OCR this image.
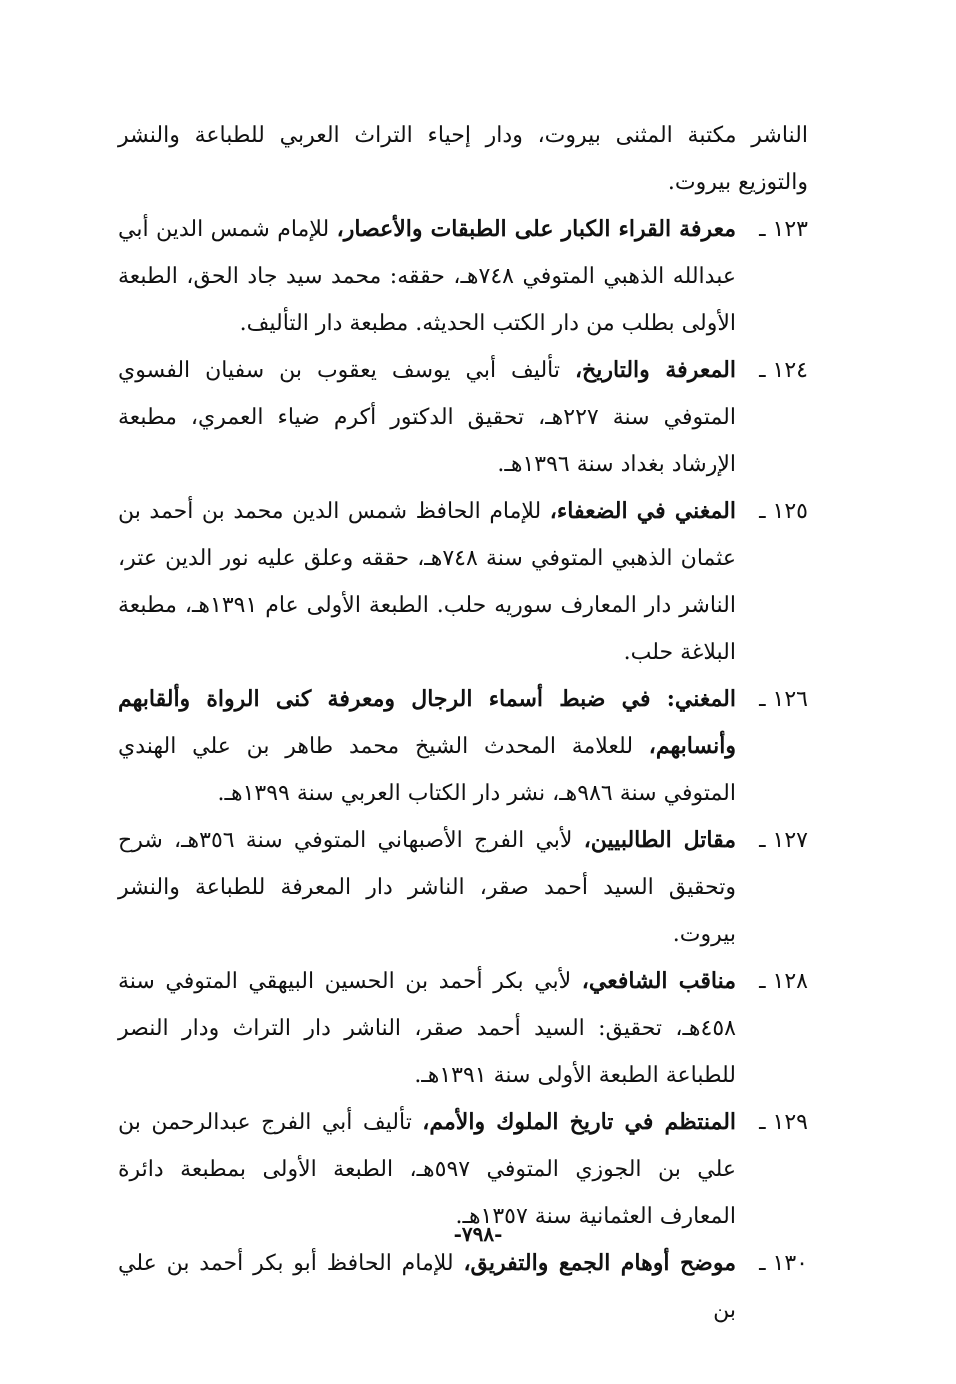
الناشر مكتبة المثنى بيروت، ودار إحياء التراث العربي للطباعة والنشر والتوزيع بيروت.

١٢٣ ـ
معرفة القراء الكبار على الطبقات والأعصار، للإمام شمس الدين أبي عبدالله الذهبي المتوفي ٧٤٨هـ، حققه: محمد سيد جاد الحق، الطبعة الأولى بطلب من دار الكتب الحديثه. مطبعة دار التأليف.

١٢٤ ـ
المعرفة والتاريخ، تأليف أبي يوسف يعقوب بن سفيان الفسوي المتوفي سنة ٢٢٧هـ، تحقيق الدكتور أكرم ضياء العمري، مطبعة الإرشاد بغداد سنة ١٣٩٦هـ.

١٢٥ ـ
المغني في الضعفاء، للإمام الحافظ شمس الدين محمد بن أحمد بن عثمان الذهبي المتوفي سنة ٧٤٨هـ، حققه وعلق عليه نور الدين عتر، الناشر دار المعارف سوريه حلب. الطبعة الأولى عام ١٣٩١هـ، مطبعة البلاغة حلب.

١٢٦ ـ
المغني: في ضبط أسماء الرجال ومعرفة كنى الرواة وألقابهم وأنسابهم، للعلامة المحدث الشيخ محمد طاهر بن علي الهندي المتوفي سنة ٩٨٦هـ، نشر دار الكتاب العربي سنة ١٣٩٩هـ.

١٢٧ ـ
مقاتل الطالبيين، لأبي الفرج الأصبهاني المتوفي سنة ٣٥٦هـ، شرح وتحقيق السيد أحمد صقر، الناشر دار المعرفة للطباعة والنشر بيروت.

١٢٨ ـ
مناقب الشافعي، لأبي بكر أحمد بن الحسين البيهقي المتوفي سنة ٤٥٨هـ، تحقيق: السيد أحمد صقر، الناشر دار التراث ودار النصر للطباعة الطبعة الأولى سنة ١٣٩١هـ.

١٢٩ ـ
المنتظم في تاريخ الملوك والأمم، تأليف أبي الفرج عبدالرحمن بن علي بن الجوزي المتوفي ٥٩٧هـ، الطبعة الأولى بمطبعة دائرة المعارف العثمانية سنة ١٣٥٧هـ.

١٣٠ ـ
موضح أوهام الجمع والتفريق، للإمام الحافظ أبو بكر أحمد بن علي بن

-٧٩٨-
